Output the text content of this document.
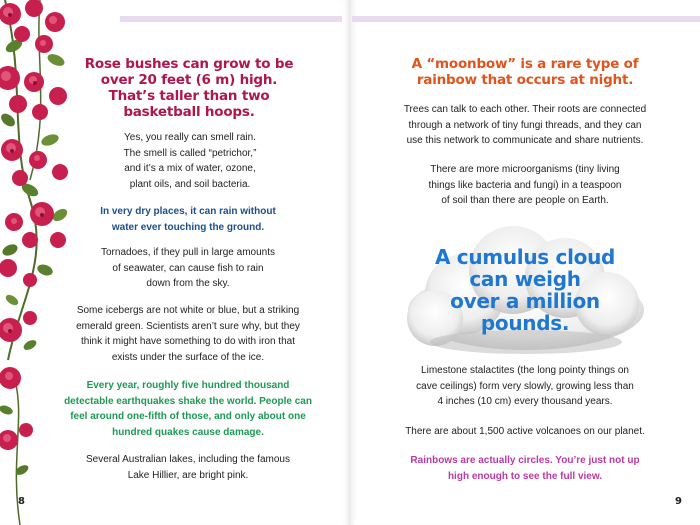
Rose bushes can grow to be
over 20 feet (6 m) high.
That’s taller than two
basketball hoops.
Yes, you really can smell rain.
The smell is called “petrichor,”
and it’s a mix of water, ozone,
plant oils, and soil bacteria.
In very dry places, it can rain without
water ever touching the ground.
Tornadoes, if they pull in large amounts
of seawater, can cause fish to rain
down from the sky.
Some icebergs are not white or blue, but a striking
emerald green. Scientists aren’t sure why, but they
think it might have something to do with iron that
exists under the surface of the ice.
Every year, roughly five hundred thousand
detectable earthquakes shake the world. People can
feel around one-fifth of those, and only about one
hundred quakes cause damage.
Several Australian lakes, including the famous
Lake Hillier, are bright pink.
8
A “moonbow” is a rare type of
rainbow that occurs at night.
Trees can talk to each other. Their roots are connected
through a network of tiny fungi threads, and they can
use this network to communicate and share nutrients.
There are more microorganisms (tiny living
things like bacteria and fungi) in a teaspoon
of soil than there are people on Earth.
A cumulus cloud
can weigh
over a million
pounds.
Limestone stalactites (the long pointy things on
cave ceilings) form very slowly, growing less than
4 inches (10 cm) every thousand years.
There are about 1,500 active volcanoes on our planet.
Rainbows are actually circles. You’re just not up
high enough to see the full view.
9
